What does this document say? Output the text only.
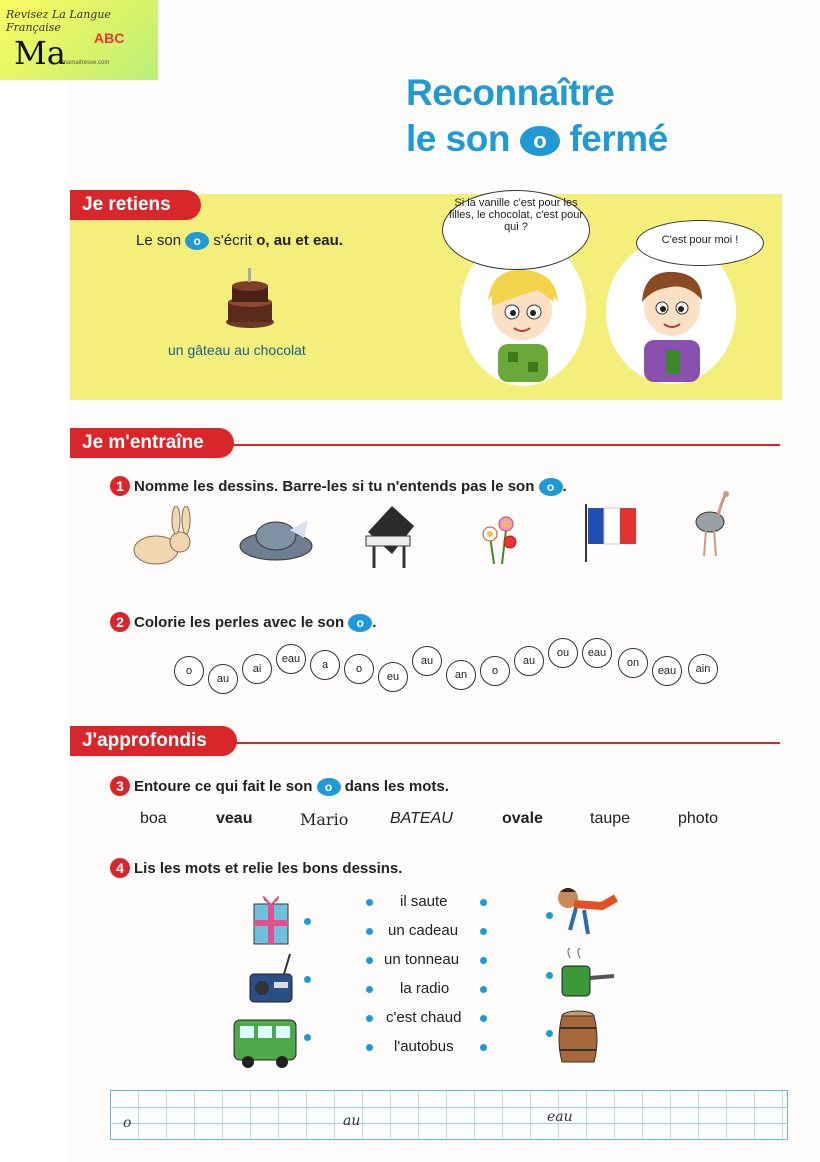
Revisez La Langue Française
Ma ABC
mamaitresse.com
Reconnaître
le son o fermé
Je retiens
Le son o s'écrit o, au et eau.
un gâteau au chocolat
Si la vanille c'est pour les filles, le chocolat, c'est pour qui ?
C'est pour moi !
Je m'entraîne
1 Nomme les dessins. Barre-les si tu n'entends pas le son o .
2 Colorie les perles avec le son o .
o
au
ai
eau	a	o
eu
au
an	o
au
ou	eau
on
eau	ain
J'approfondis
3 Entoure ce qui fait le son o dans les mots.
boa	veau	Mario	BATEAU	ovale	taupe	photo
4 Lis les mots et relie les bons dessins.
il saute
un cadeau
un tonneau
la radio
c'est chaud
l'autobus
o	au	eau
